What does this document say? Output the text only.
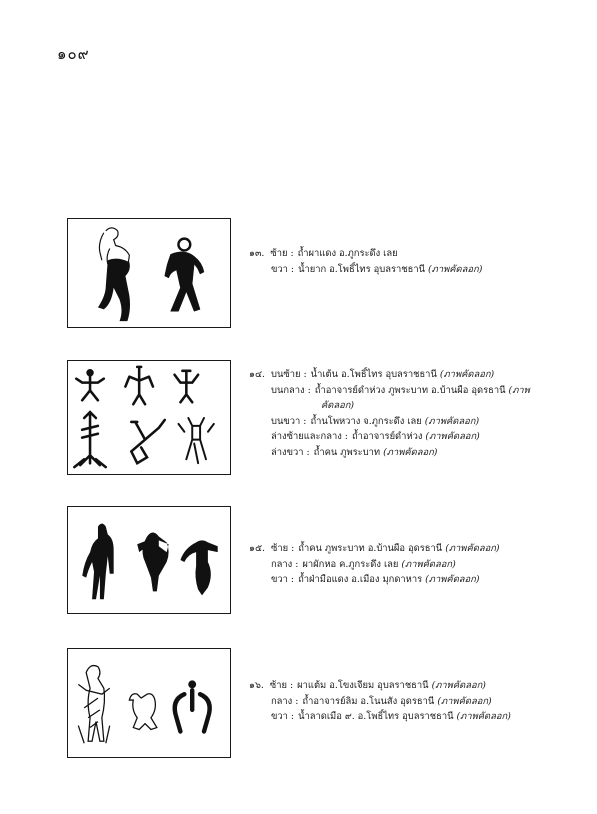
๑๐๙
๑๓. ซ้าย : ถ้ำผาแดง อ.ภูกระดึง เลย
ขวา : น้ำยาก อ.โพธิ์ไทร อุบลราชธานี (ภาพคัดลอก)
๑๔. บนซ้าย : น้ำเต้น อ.โพธิ์ไทร อุบลราชธานี (ภาพคัดลอก)
บนกลาง : ถ้ำอาจารย์ดำห่วง ภูพระบาท อ.บ้านผือ อุดรธานี (ภาพ
คัดลอก)
บนขวา : ถ้ำนโพหวาง จ.ภูกระดึง เลย (ภาพคัดลอก)
ล่างซ้ายและกลาง : ถ้ำอาจารย์ดำห่วง (ภาพคัดลอก)
ล่างขวา : ถ้ำคน ภูพระบาท (ภาพคัดลอก)
๑๕. ซ้าย : ถ้ำคน ภูพระบาท อ.บ้านผือ อุดรธานี (ภาพคัดลอก)
กลาง : ผาผักหอ ค.ภูกระดึง เลย (ภาพคัดลอก)
ขวา : ถ้ำฝ่ามือแดง อ.เมือง มุกดาหาร (ภาพคัดลอก)
๑๖. ซ้าย : ผาแต้ม อ.โขงเจียม อุบลราชธานี (ภาพคัดลอก)
กลาง : ถ้ำอาจารย์ลิม อ.โนนสัง อุดรธานี (ภาพคัดลอก)
ขวา : น้ำลาดเมือ ๙. อ.โพธิ์ไทร อุบลราชธานี (ภาพคัดลอก)
